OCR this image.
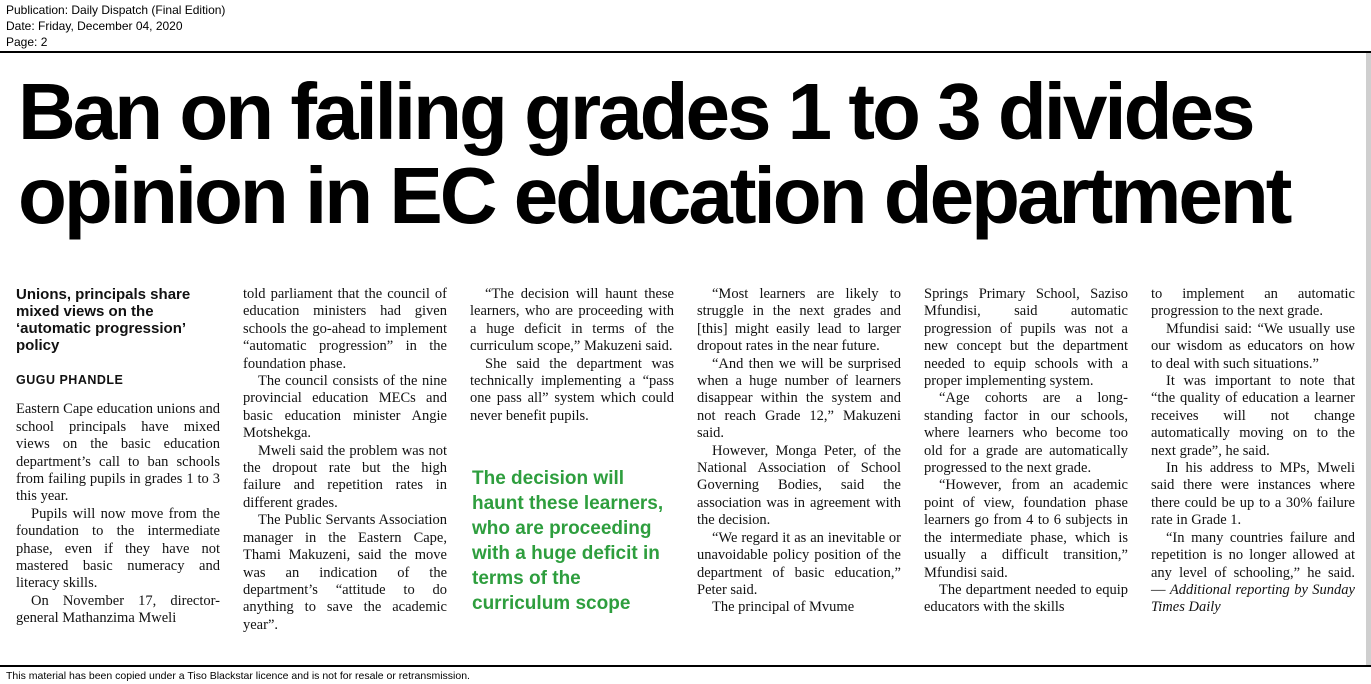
Publication: Daily Dispatch (Final Edition)
Date: Friday, December 04, 2020
Page: 2
Ban on failing grades 1 to 3 divides
opinion in EC education department
Unions, principals share mixed views on the ‘automatic progression’ policy
GUGU PHANDLE

Eastern Cape education unions and school principals have mixed views on the basic education department’s call to ban schools from failing pupils in grades 1 to 3 this year.

Pupils will now move from the foundation to the intermediate phase, even if they have not mastered basic numeracy and literacy skills.

On November 17, director-general Mathanzima Mweli

told parliament that the council of education ministers had given schools the go-ahead to implement “automatic progression” in the foundation phase.

The council consists of the nine provincial education MECs and basic education minister Angie Motshekga.

Mweli said the problem was not the dropout rate but the high failure and repetition rates in different grades.

The Public Servants Association manager in the Eastern Cape, Thami Makuzeni, said the move was an indication of the department’s “attitude to do anything to save the academic year”.

“The decision will haunt these learners, who are proceeding with a huge deficit in terms of the curriculum scope,” Makuzeni said.

She said the department was technically implementing a “pass one pass all” system which could never benefit pupils.

The decision will haunt these learners, who are proceeding with a huge deficit in terms of the curriculum scope

“Most learners are likely to struggle in the next grades and [this] might easily lead to larger dropout rates in the near future.

“And then we will be surprised when a huge number of learners disappear within the system and not reach Grade 12,” Makuzeni said.

However, Monga Peter, of the National Association of School Governing Bodies, said the association was in agreement with the decision.

“We regard it as an inevitable or unavoidable policy position of the department of basic education,” Peter said.

The principal of Mvume

Springs Primary School, Saziso Mfundisi, said automatic progression of pupils was not a new concept but the department needed to equip schools with a proper implementing system.

“Age cohorts are a long-standing factor in our schools, where learners who become too old for a grade are automatically progressed to the next grade.

“However, from an academic point of view, foundation phase learners go from 4 to 6 subjects in the intermediate phase, which is usually a difficult transition,” Mfundisi said.

The department needed to equip educators with the skills

to implement an automatic progression to the next grade.

Mfundisi said: “We usually use our wisdom as educators on how to deal with such situations.”

It was important to note that “the quality of education a learner receives will not change automatically moving on to the next grade”, he said.

In his address to MPs, Mweli said there were instances where there could be up to a 30% failure rate in Grade 1.

“In many countries failure and repetition is no longer allowed at any level of schooling,” he said. — Additional reporting by Sunday Times Daily

This material has been copied under a Tiso Blackstar licence and is not for resale or retransmission.
